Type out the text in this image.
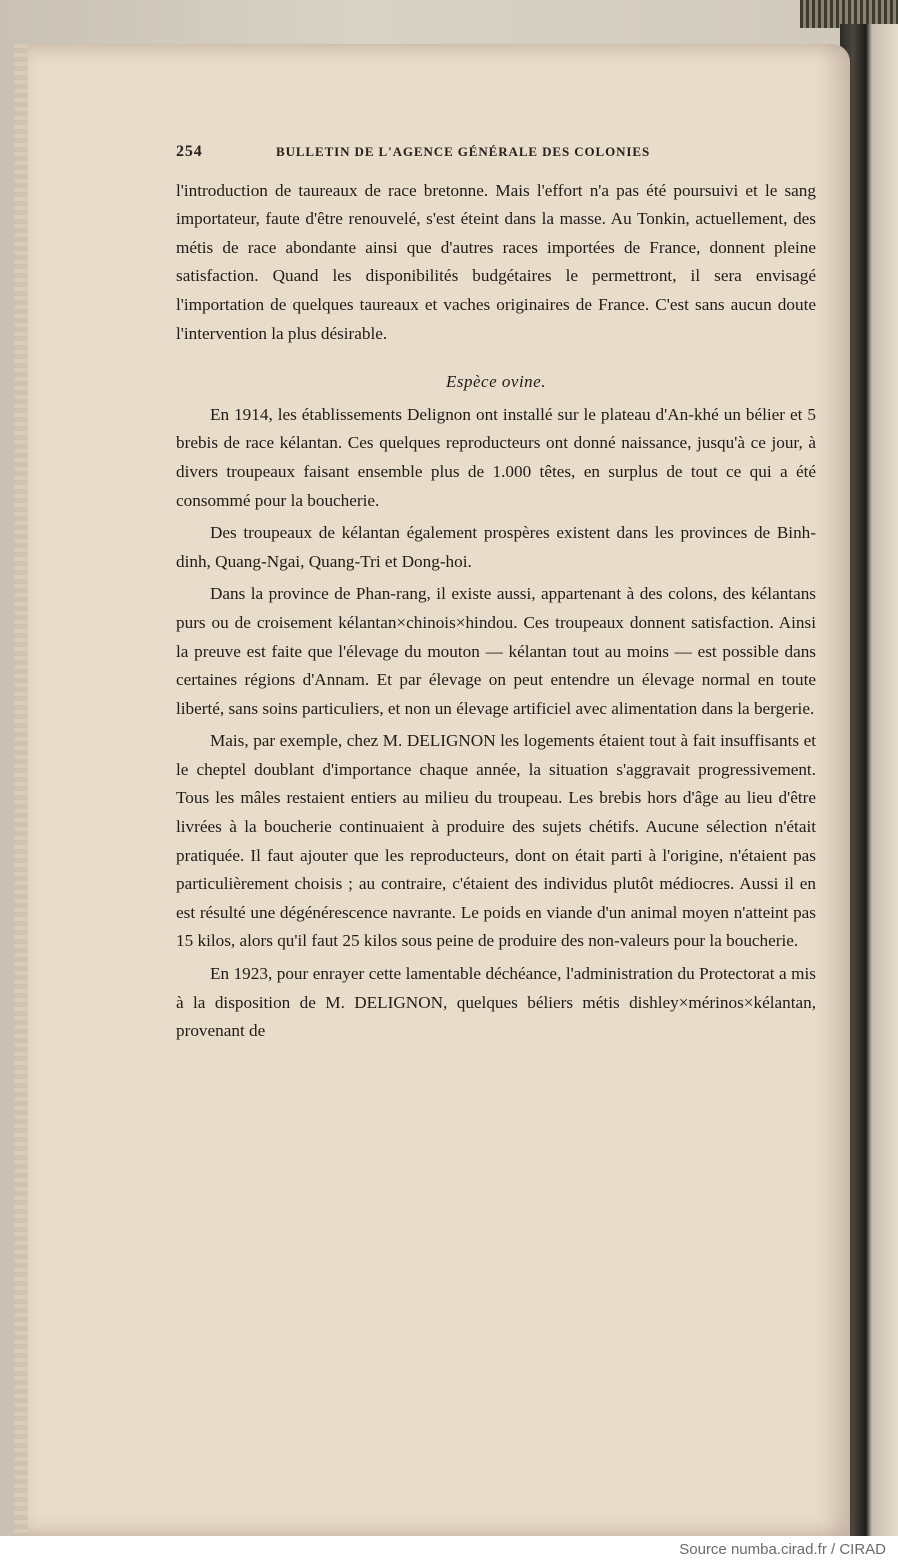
254	BULLETIN DE L'AGENCE GÉNÉRALE DES COLONIES

l'introduction de taureaux de race bretonne. Mais l'effort n'a pas été poursuivi et le sang importateur, faute d'être renouvelé, s'est éteint dans la masse. Au Tonkin, actuellement, des métis de race abondante ainsi que d'autres races importées de France, donnent pleine satisfaction. Quand les disponibilités budgétaires le permettront, il sera envisagé l'importation de quelques taureaux et vaches originaires de France. C'est sans aucun doute l'intervention la plus désirable.

Espèce ovine.

En 1914, les établissements Delignon ont installé sur le plateau d'An-khé un bélier et 5 brebis de race kélantan. Ces quelques reproducteurs ont donné naissance, jusqu'à ce jour, à divers troupeaux faisant ensemble plus de 1.000 têtes, en surplus de tout ce qui a été consommé pour la boucherie.

Des troupeaux de kélantan également prospères existent dans les provinces de Binh-dinh, Quang-Ngai, Quang-Tri et Dong-hoi.

Dans la province de Phan-rang, il existe aussi, appartenant à des colons, des kélantans purs ou de croisement kélantan×chinois×hindou. Ces troupeaux donnent satisfaction. Ainsi la preuve est faite que l'élevage du mouton — kélantan tout au moins — est possible dans certaines régions d'Annam. Et par élevage on peut entendre un élevage normal en toute liberté, sans soins particuliers, et non un élevage artificiel avec alimentation dans la bergerie.

Mais, par exemple, chez M. DELIGNON les logements étaient tout à fait insuffisants et le cheptel doublant d'importance chaque année, la situation s'aggravait progressivement. Tous les mâles restaient entiers au milieu du troupeau. Les brebis hors d'âge au lieu d'être livrées à la boucherie continuaient à produire des sujets chétifs. Aucune sélection n'était pratiquée. Il faut ajouter que les reproducteurs, dont on était parti à l'origine, n'étaient pas particulièrement choisis ; au contraire, c'étaient des individus plutôt médiocres. Aussi il en est résulté une dégénérescence navrante. Le poids en viande d'un animal moyen n'atteint pas 15 kilos, alors qu'il faut 25 kilos sous peine de produire des non-valeurs pour la boucherie.

En 1923, pour enrayer cette lamentable déchéance, l'administration du Protectorat a mis à la disposition de M. DELIGNON, quelques béliers métis dishley×mérinos×kélantan, provenant de

Source numba.cirad.fr / CIRAD
